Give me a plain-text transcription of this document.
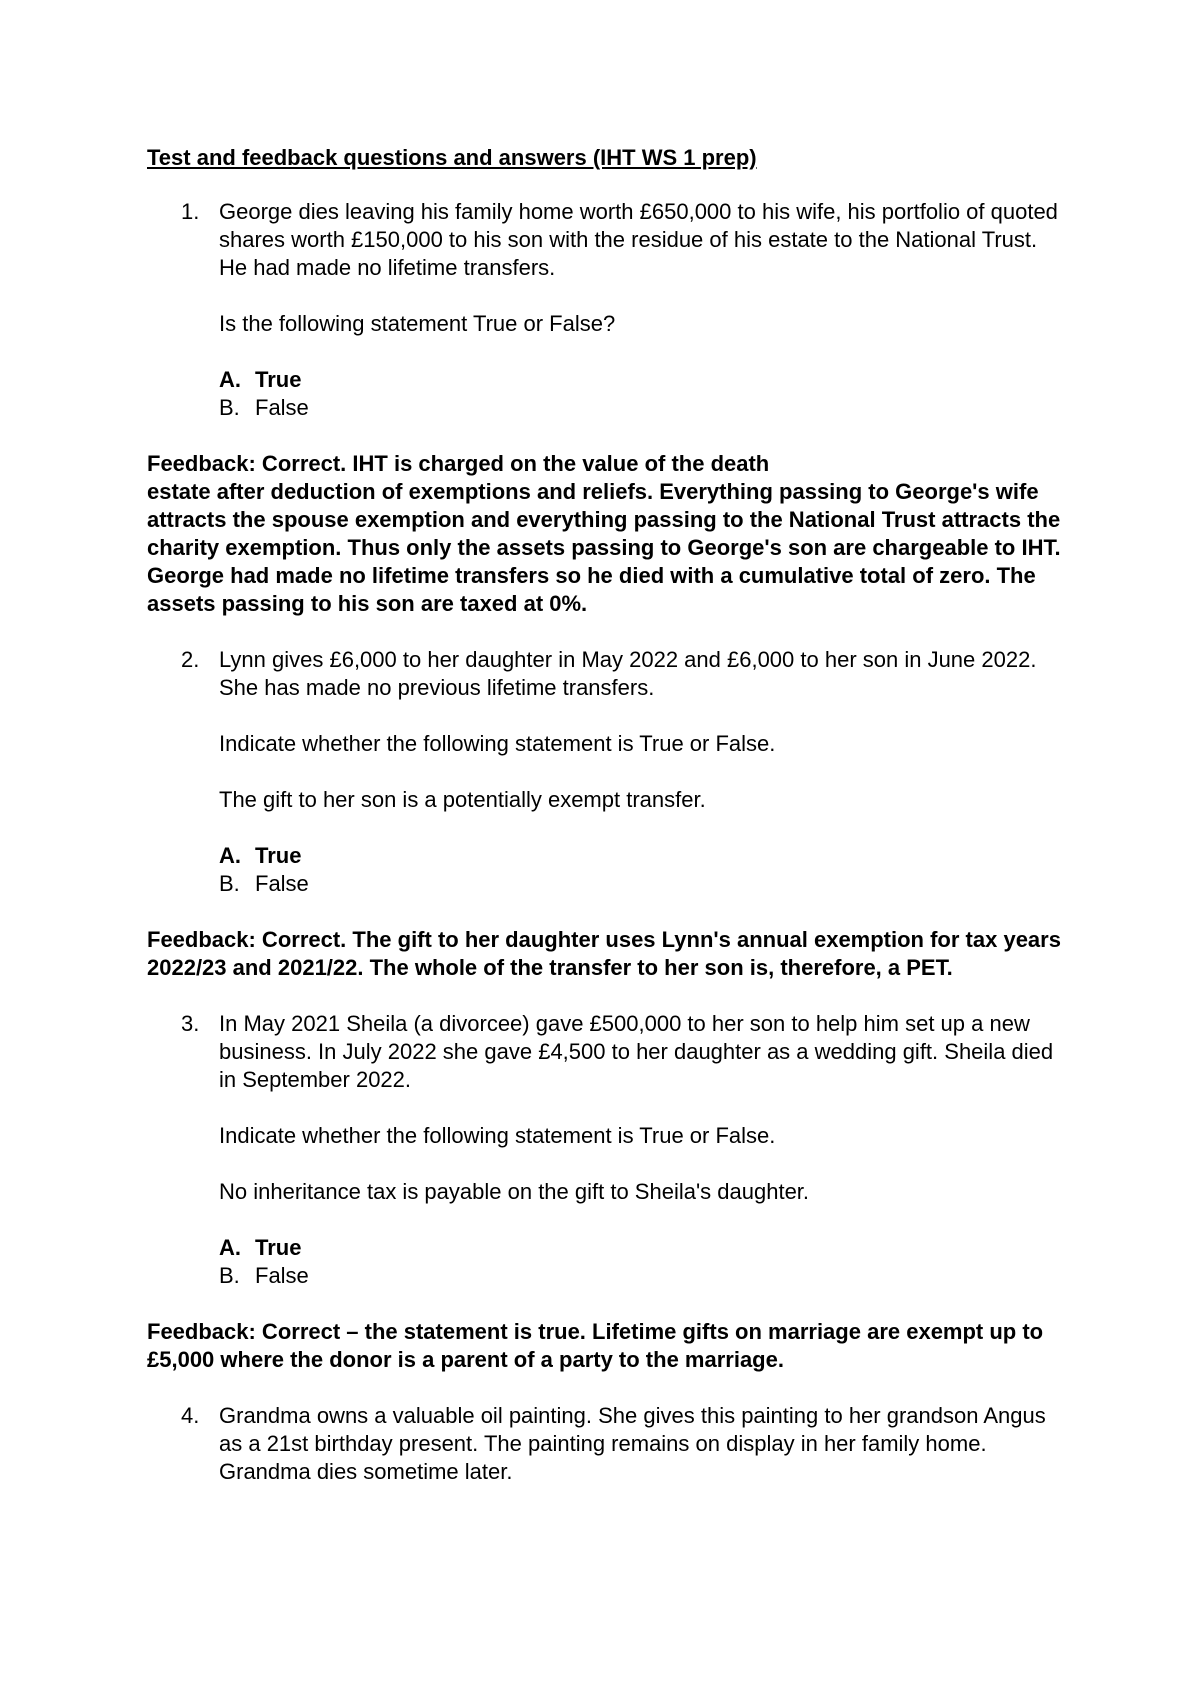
Test and feedback questions and answers (IHT WS 1 prep)

1. George dies leaving his family home worth £650,000 to his wife, his portfolio of quoted shares worth £150,000 to his son with the residue of his estate to the National Trust. He had made no lifetime transfers.

Is the following statement True or False?

A. True

B. False

Feedback: Correct. IHT is charged on the value of the death
estate after deduction of exemptions and reliefs. Everything passing to George's wife attracts the spouse exemption and everything passing to the National Trust attracts the charity exemption. Thus only the assets passing to George's son are chargeable to IHT.
George had made no lifetime transfers so he died with a cumulative total of zero. The assets passing to his son are taxed at 0%.

2. Lynn gives £6,000 to her daughter in May 2022 and £6,000 to her son in June 2022. She has made no previous lifetime transfers.

Indicate whether the following statement is True or False.

The gift to her son is a potentially exempt transfer.

A. True

B. False

Feedback: Correct. The gift to her daughter uses Lynn's annual exemption for tax years 2022/23 and 2021/22. The whole of the transfer to her son is, therefore, a PET.

3. In May 2021 Sheila (a divorcee) gave £500,000 to her son to help him set up a new business. In July 2022 she gave £4,500 to her daughter as a wedding gift. Sheila died in September 2022.

Indicate whether the following statement is True or False.

No inheritance tax is payable on the gift to Sheila's daughter.

A. True

B. False

Feedback: Correct – the statement is true. Lifetime gifts on marriage are exempt up to £5,000 where the donor is a parent of a party to the marriage.

4. Grandma owns a valuable oil painting. She gives this painting to her grandson Angus as a 21st birthday present. The painting remains on display in her family home. Grandma dies sometime later.
